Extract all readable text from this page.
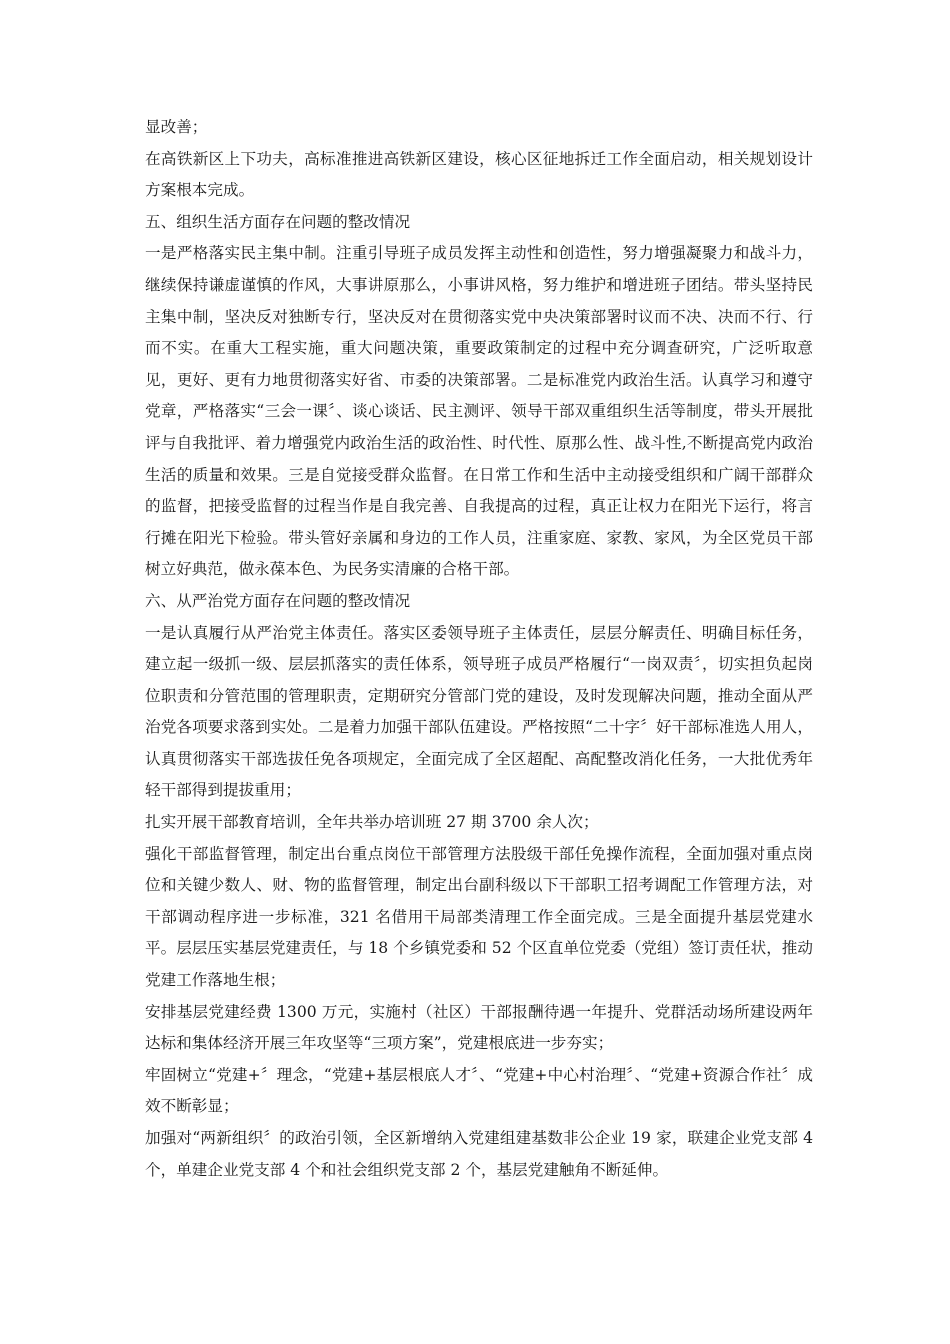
显改善；

在高铁新区上下功夫，高标准推进高铁新区建设，核心区征地拆迁工作全面启动，相关规划设计方案根本完成。

五、组织生活方面存在问题的整改情况

一是严格落实民主集中制。注重引导班子成员发挥主动性和创造性，努力增强凝聚力和战斗力，继续保持谦虚谨慎的作风，大事讲原那么，小事讲风格，努力维护和增进班子团结。带头坚持民主集中制，坚决反对独断专行，坚决反对在贯彻落实党中央决策部署时议而不决、决而不行、行而不实。在重大工程实施，重大问题决策，重要政策制定的过程中充分调查研究，广泛听取意见，更好、更有力地贯彻落实好省、市委的决策部署。二是标准党内政治生活。认真学习和遵守党章，严格落实“三会一课〞、谈心谈话、民主测评、领导干部双重组织生活等制度，带头开展批评与自我批评、着力增强党内政治生活的政治性、时代性、原那么性、战斗性,不断提高党内政治生活的质量和效果。三是自觉接受群众监督。在日常工作和生活中主动接受组织和广阔干部群众的监督，把接受监督的过程当作是自我完善、自我提高的过程，真正让权力在阳光下运行，将言行摊在阳光下检验。带头管好亲属和身边的工作人员，注重家庭、家教、家风，为全区党员干部树立好典范，做永葆本色、为民务实清廉的合格干部。

六、从严治党方面存在问题的整改情况

一是认真履行从严治党主体责任。落实区委领导班子主体责任，层层分解责任、明确目标任务，建立起一级抓一级、层层抓落实的责任体系，领导班子成员严格履行“一岗双责〞，切实担负起岗位职责和分管范围的管理职责，定期研究分管部门党的建设，及时发现解决问题，推动全面从严治党各项要求落到实处。二是着力加强干部队伍建设。严格按照“二十字〞好干部标准选人用人，认真贯彻落实干部选拔任免各项规定，全面完成了全区超配、高配整改消化任务，一大批优秀年轻干部得到提拔重用；

扎实开展干部教育培训，全年共举办培训班 27 期 3700 余人次；

强化干部监督管理，制定出台重点岗位干部管理方法股级干部任免操作流程，全面加强对重点岗位和关键少数人、财、物的监督管理，制定出台副科级以下干部职工招考调配工作管理方法，对干部调动程序进一步标准，321 名借用干局部类清理工作全面完成。三是全面提升基层党建水平。层层压实基层党建责任，与 18 个乡镇党委和 52 个区直单位党委（党组）签订责任状，推动党建工作落地生根；

安排基层党建经费 1300 万元，实施村（社区）干部报酬待遇一年提升、党群活动场所建设两年达标和集体经济开展三年攻坚等“三项方案”，党建根底进一步夯实；

牢固树立“党建+〞理念，“党建+基层根底人才〞、“党建+中心村治理〞、“党建+资源合作社〞成效不断彰显；

加强对“两新组织〞的政治引领，全区新增纳入党建组建基数非公企业 19 家，联建企业党支部 4 个，单建企业党支部 4 个和社会组织党支部 2 个，基层党建触角不断延伸。
